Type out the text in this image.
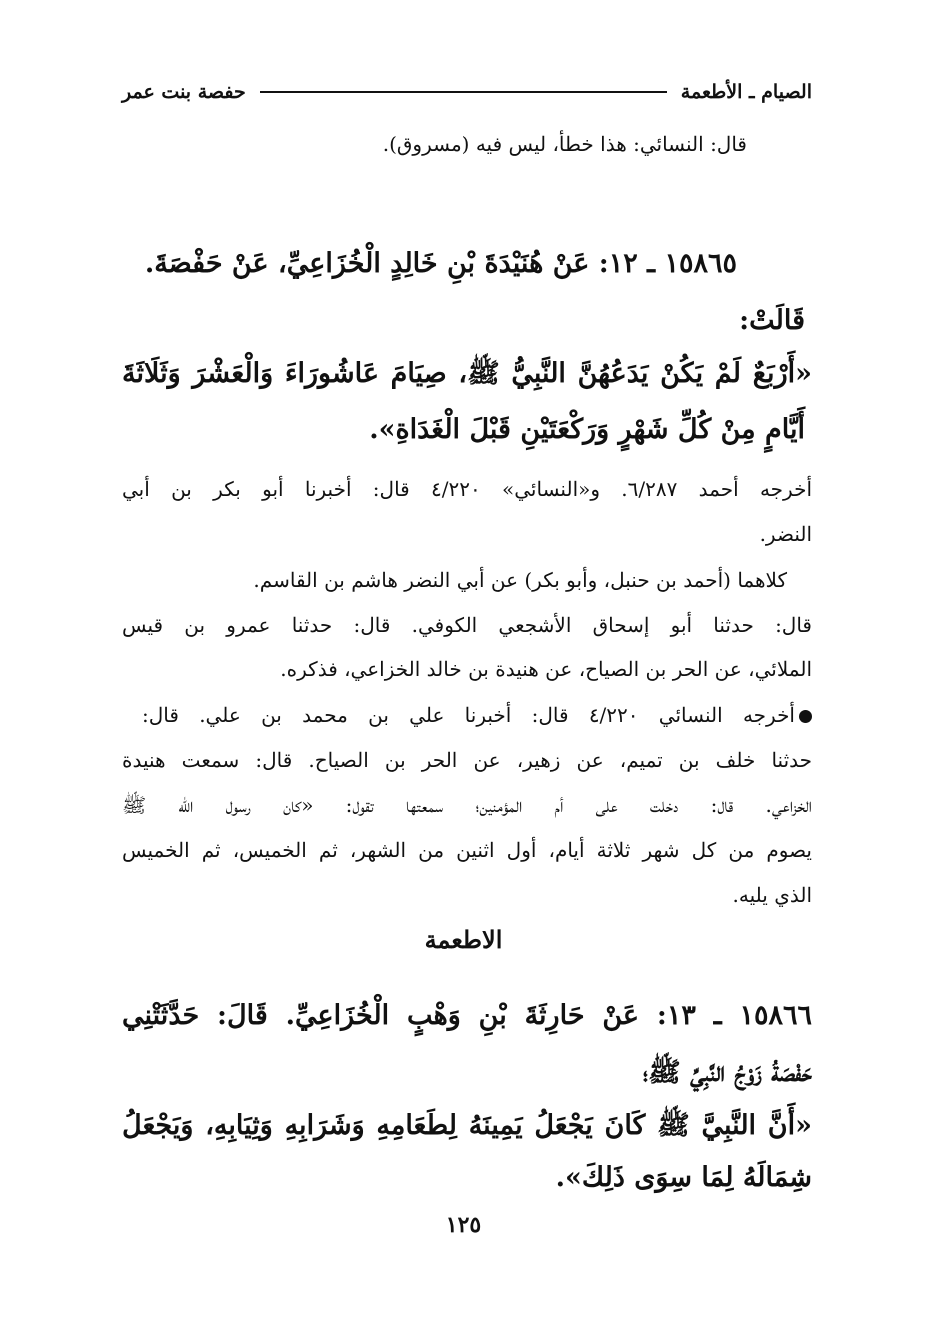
الصيام ـ الأطعمة
حفصة بنت عمر
قال: النسائي: هذا خطأ، ليس فيه (مسروق).
١٥٨٦٥ ـ ١٢: عَنْ هُنَيْدَةَ بْنِ خَالِدٍ الْخُزَاعِيِّ، عَنْ حَفْصَةَ.
قَالَتْ:
«أَرْبَعٌ لَمْ يَكُنْ يَدَعُهُنَّ النَّبِيُّ ﷺ، صِيَامَ عَاشُورَاءَ وَالْعَشْرَ وَثَلَاثَةَ
أَيَّامٍ مِنْ كُلِّ شَهْرٍ وَرَكْعَتَيْنِ قَبْلَ الْغَدَاةِ».
أخرجه أحمد ٦/٢٨٧. و«النسائي» ٤/٢٢٠ قال: أخبرنا أبو بكر بن أبي
النضر.
كلاهما (أحمد بن حنبل، وأبو بكر) عن أبي النضر هاشم بن القاسم.
قال: حدثنا أبو إسحاق الأشجعي الكوفي. قال: حدثنا عمرو بن قيس
الملائي، عن الحر بن الصياح، عن هنيدة بن خالد الخزاعي، فذكره.
أخرجه النسائي ٤/٢٢٠ قال: أخبرنا علي بن محمد بن علي. قال:
حدثنا خلف بن تميم، عن زهير، عن الحر بن الصياح. قال: سمعت هنيدة
الخزاعي. قال: دخلت على أم المؤمنين؛ سمعتها تقول: «كان رسول الله ﷺ
يصوم من كل شهر ثلاثة أيام، أول اثنين من الشهر، ثم الخميس، ثم الخميس
الذي يليه.
الاطعمة
١٥٨٦٦ ـ ١٣: عَنْ حَارِثَةَ بْنِ وَهْبٍ الْخُزَاعِيِّ. قَالَ: حَدَّثَتْنِي
حَفْصَةُ زَوْجُ النَّبِيِّ ﷺ؛
«أَنَّ النَّبِيَّ ﷺ كَانَ يَجْعَلُ يَمِينَهُ لِطَعَامِهِ وَشَرَابِهِ وَثِيَابِهِ، وَيَجْعَلُ
شِمَالَهُ لِمَا سِوَى ذَلِكَ».
١٢٥
